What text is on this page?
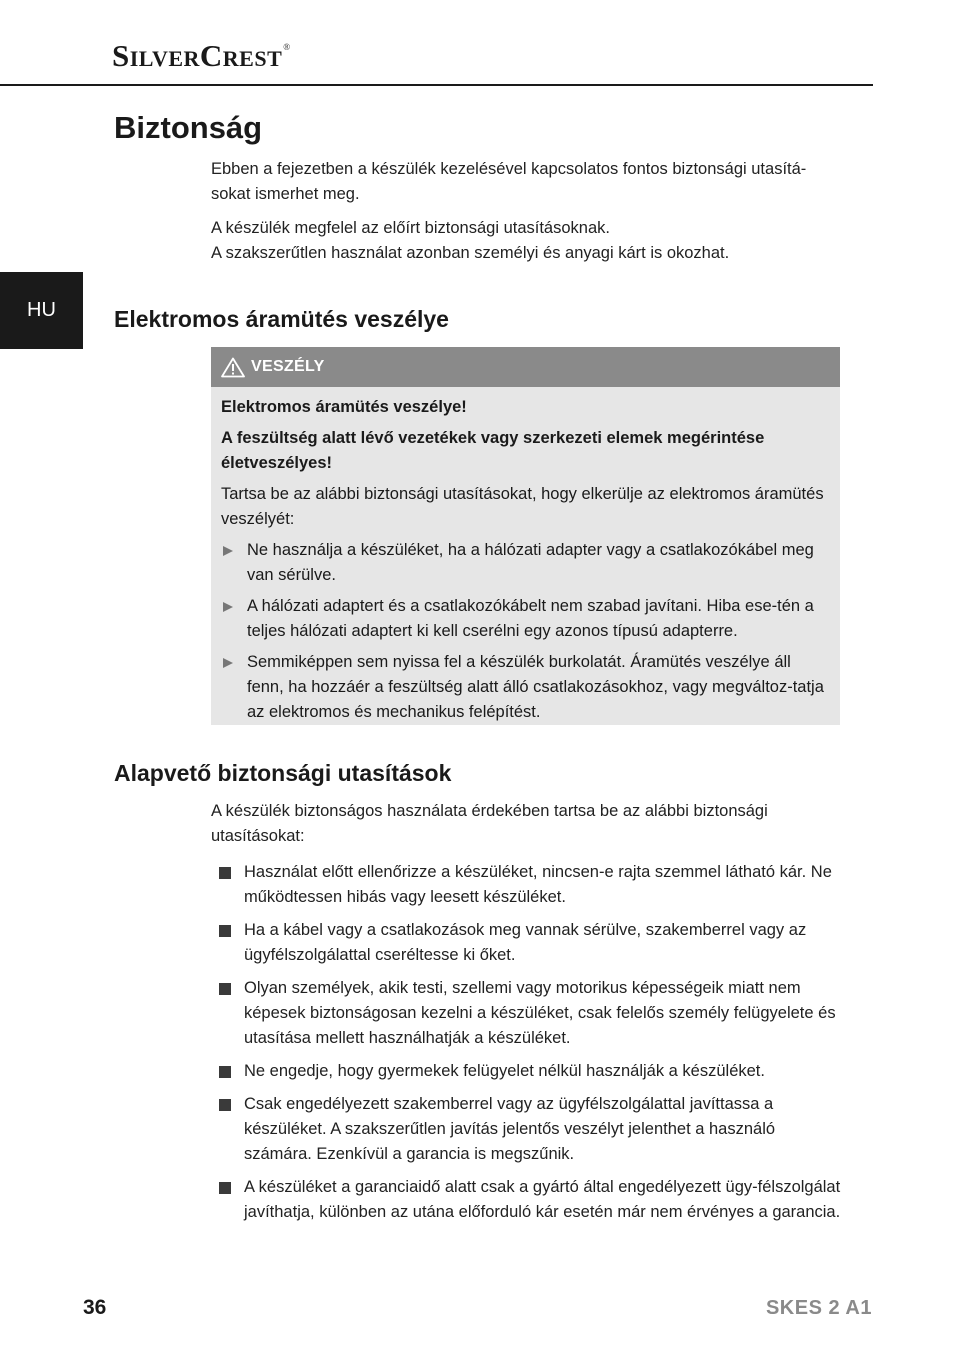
SilverCrest®
HU
Biztonság

Ebben a fejezetben a készülék kezelésével kapcsolatos fontos biztonsági utasítá-sokat ismerhet meg.

A készülék megfelel az előírt biztonsági utasításoknak.
A szakszerűtlen használat azonban személyi és anyagi kárt is okozhat.

Elektromos áramütés veszélye
VESZÉLY

Elektromos áramütés veszélye!

A feszültség alatt lévő vezetékek vagy szerkezeti elemek megérintése életveszélyes!

Tartsa be az alábbi biztonsági utasításokat, hogy elkerülje az elektromos áramütés veszélyét:

Ne használja a készüléket, ha a hálózati adapter vagy a csatlakozókábel meg van sérülve.
A hálózati adaptert és a csatlakozókábelt nem szabad javítani. Hiba ese-tén a teljes hálózati adaptert ki kell cserélni egy azonos típusú adapterre.
Semmiképpen sem nyissa fel a készülék burkolatát. Áramütés veszélye áll fenn, ha hozzáér a feszültség alatt álló csatlakozásokhoz, vagy megváltoz-tatja az elektromos és mechanikus felépítést.
Alapvető biztonsági utasítások

A készülék biztonságos használata érdekében tartsa be az alábbi biztonsági utasításokat:

Használat előtt ellenőrizze a készüléket, nincsen-e rajta szemmel látható kár. Ne működtessen hibás vagy leesett készüléket.
Ha a kábel vagy a csatlakozások meg vannak sérülve, szakemberrel vagy az ügyfélszolgálattal cseréltesse ki őket.
Olyan személyek, akik testi, szellemi vagy motorikus képességeik miatt nem képesek biztonságosan kezelni a készüléket, csak felelős személy felügyelete és utasítása mellett használhatják a készüléket.
Ne engedje, hogy gyermekek felügyelet nélkül használják a készüléket.
Csak engedélyezett szakemberrel vagy az ügyfélszolgálattal javíttassa a készüléket. A szakszerűtlen javítás jelentős veszélyt jelenthet a használó számára. Ezenkívül a garancia is megszűnik.
A készüléket a garanciaidő alatt csak a gyártó által engedélyezett ügy-félszolgálat javíthatja, különben az utána előforduló kár esetén már nem érvényes a garancia.
36	SKES 2 A1
